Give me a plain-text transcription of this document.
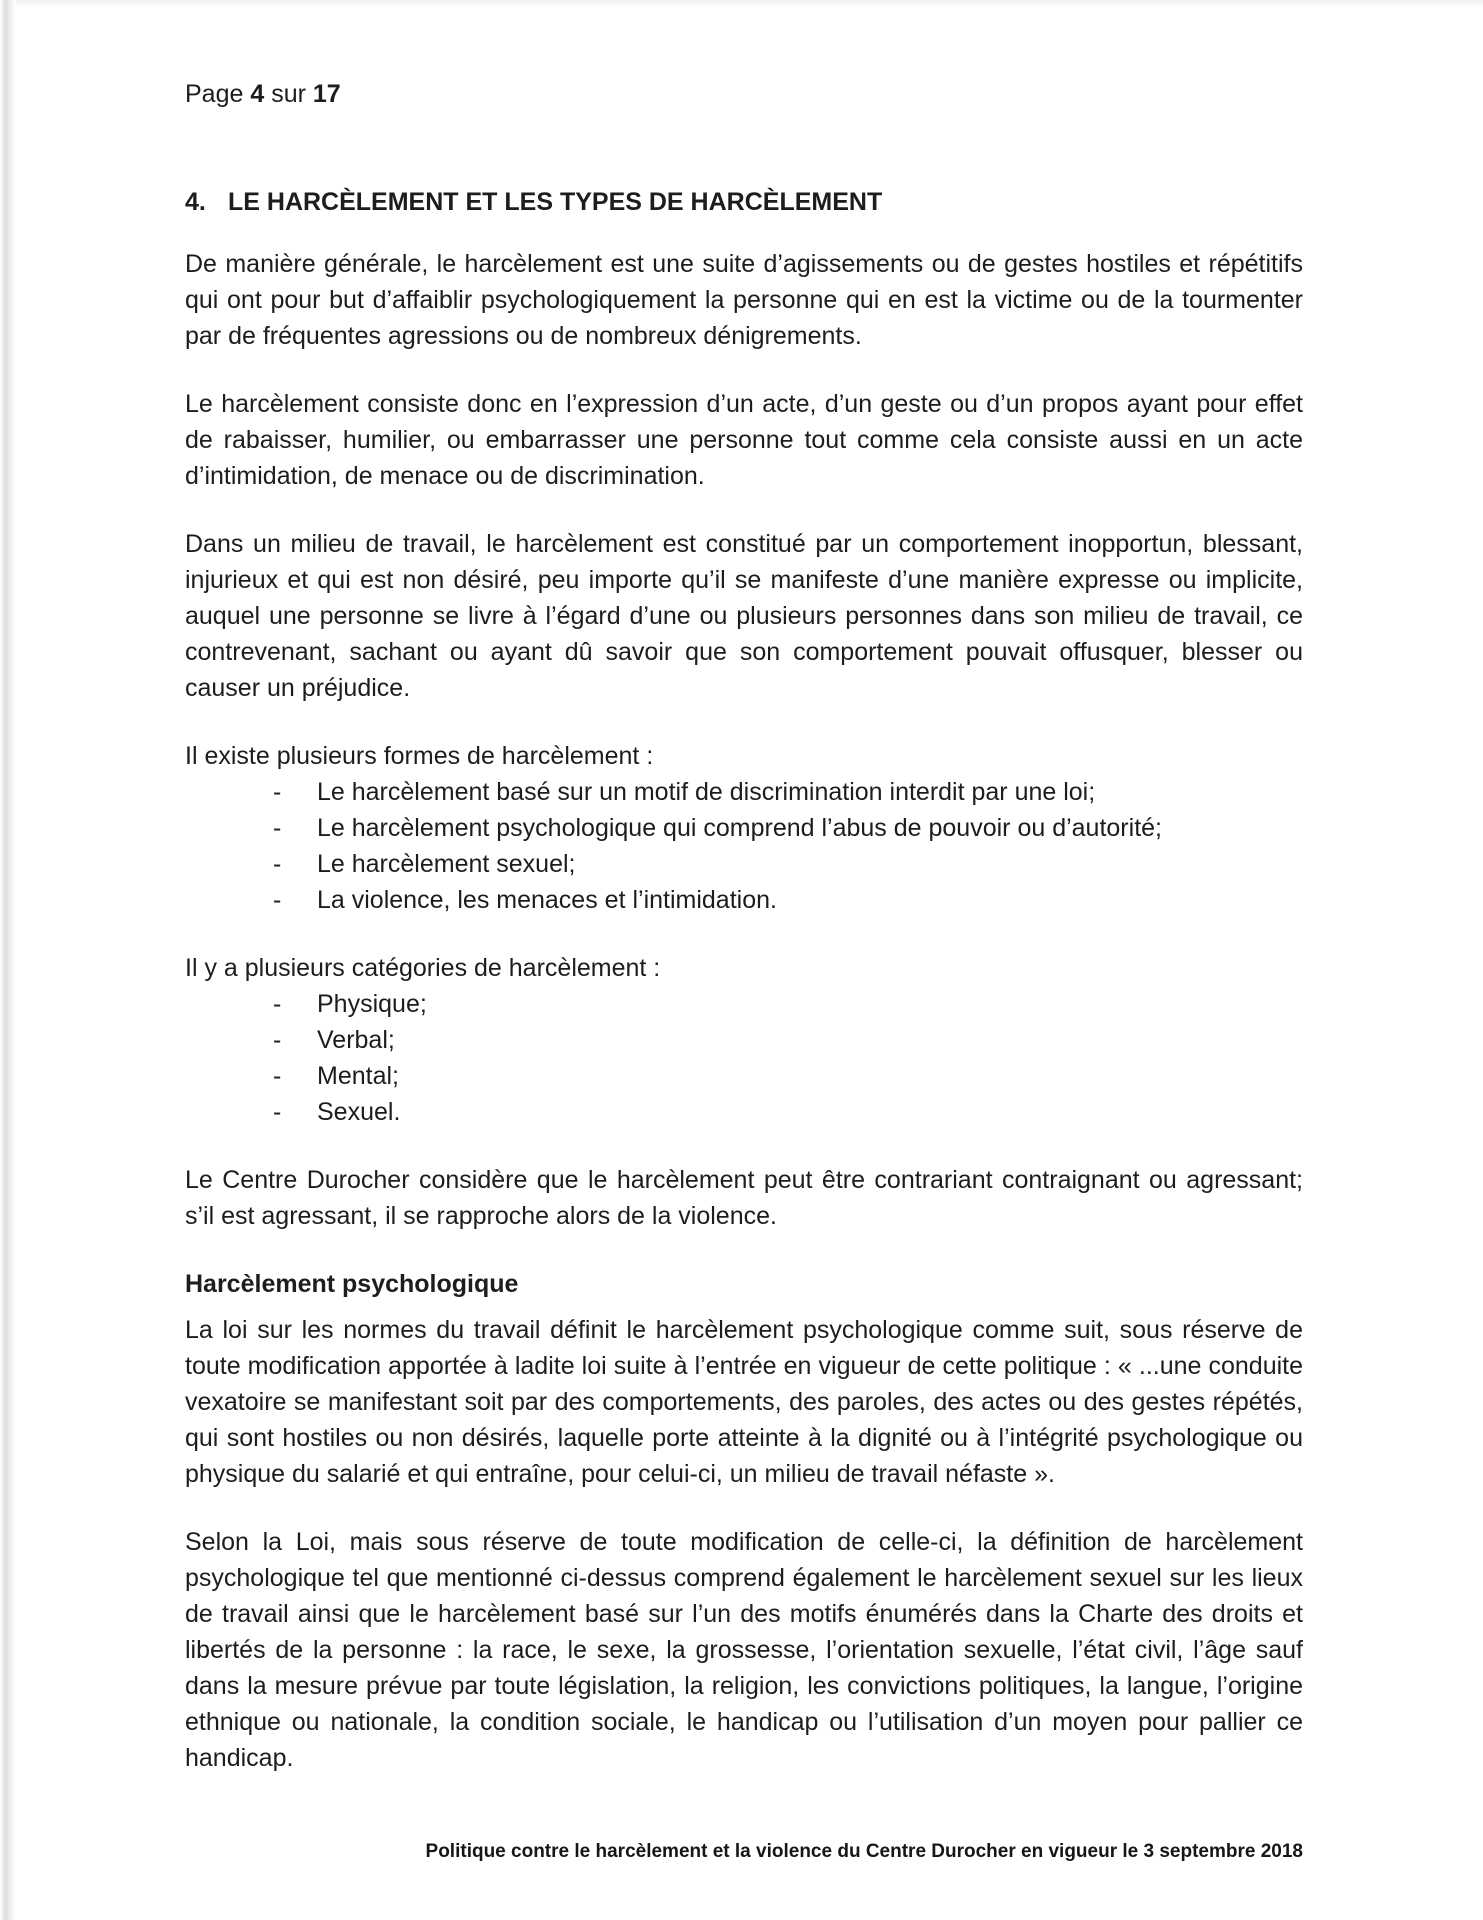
Page 4 sur 17
4. LE HARCÈLEMENT ET LES TYPES DE HARCÈLEMENT

De manière générale, le harcèlement est une suite d’agissements ou de gestes hostiles et répétitifs qui ont pour but d’affaiblir psychologiquement la personne qui en est la victime ou de la tourmenter par de fréquentes agressions ou de nombreux dénigrements.

Le harcèlement consiste donc en l’expression d’un acte, d’un geste ou d’un propos ayant pour effet de rabaisser, humilier, ou embarrasser une personne tout comme cela consiste aussi en un acte d’intimidation, de menace ou de discrimination.

Dans un milieu de travail, le harcèlement est constitué par un comportement inopportun, blessant, injurieux et qui est non désiré, peu importe qu’il se manifeste d’une manière expresse ou implicite, auquel une personne se livre à l’égard d’une ou plusieurs personnes dans son milieu de travail, ce contrevenant, sachant ou ayant dû savoir que son comportement pouvait offusquer, blesser ou causer un préjudice.

Il existe plusieurs formes de harcèlement :
-	Le harcèlement basé sur un motif de discrimination interdit par une loi;
-	Le harcèlement psychologique qui comprend l’abus de pouvoir ou d’autorité;
-	Le harcèlement sexuel;
-	La violence, les menaces et l’intimidation.
Il y a plusieurs catégories de harcèlement :
-	Physique;
-	Verbal;
-	Mental;
-	Sexuel.

Le Centre Durocher considère que le harcèlement peut être contrariant contraignant ou agressant; s’il est agressant, il se rapproche alors de la violence.

Harcèlement psychologique

La loi sur les normes du travail définit le harcèlement psychologique comme suit, sous réserve de toute modification apportée à ladite loi suite à l’entrée en vigueur de cette politique : « ...une conduite vexatoire se manifestant soit par des comportements, des paroles, des actes ou des gestes répétés, qui sont hostiles ou non désirés, laquelle porte atteinte à la dignité ou à l’intégrité psychologique ou physique du salarié et qui entraîne, pour celui-ci, un milieu de travail néfaste ».

Selon la Loi, mais sous réserve de toute modification de celle-ci, la définition de harcèlement psychologique tel que mentionné ci-dessus comprend également le harcèlement sexuel sur les lieux de travail ainsi que le harcèlement basé sur l’un des motifs énumérés dans la Charte des droits et libertés de la personne : la race, le sexe, la grossesse, l’orientation sexuelle, l’état civil, l’âge sauf dans la mesure prévue par toute législation, la religion, les convictions politiques, la langue, l’origine ethnique ou nationale, la condition sociale, le handicap ou l’utilisation d’un moyen pour pallier ce handicap.

Politique contre le harcèlement et la violence du Centre Durocher en vigueur le 3 septembre 2018
